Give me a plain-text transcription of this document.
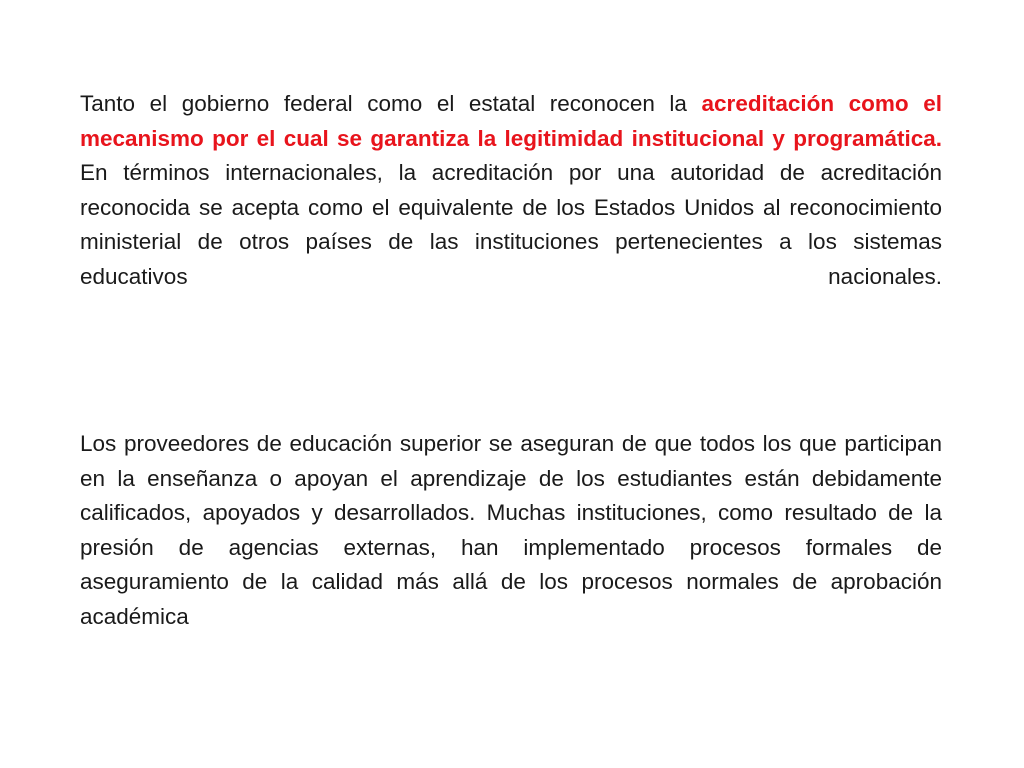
Tanto el gobierno federal como el estatal reconocen la acreditación como el mecanismo por el cual se garantiza la legitimidad institucional y programática. En términos internacionales, la acreditación por una autoridad de acreditación reconocida se acepta como el equivalente de los Estados Unidos al reconocimiento ministerial de otros países de las instituciones pertenecientes a los sistemas educativos nacionales.

Los proveedores de educación superior se aseguran de que todos los que participan en la enseñanza o apoyan el aprendizaje de los estudiantes están debidamente calificados, apoyados y desarrollados. Muchas instituciones, como resultado de la presión de agencias externas, han implementado procesos formales de aseguramiento de la calidad más allá de los procesos normales de aprobación académica
